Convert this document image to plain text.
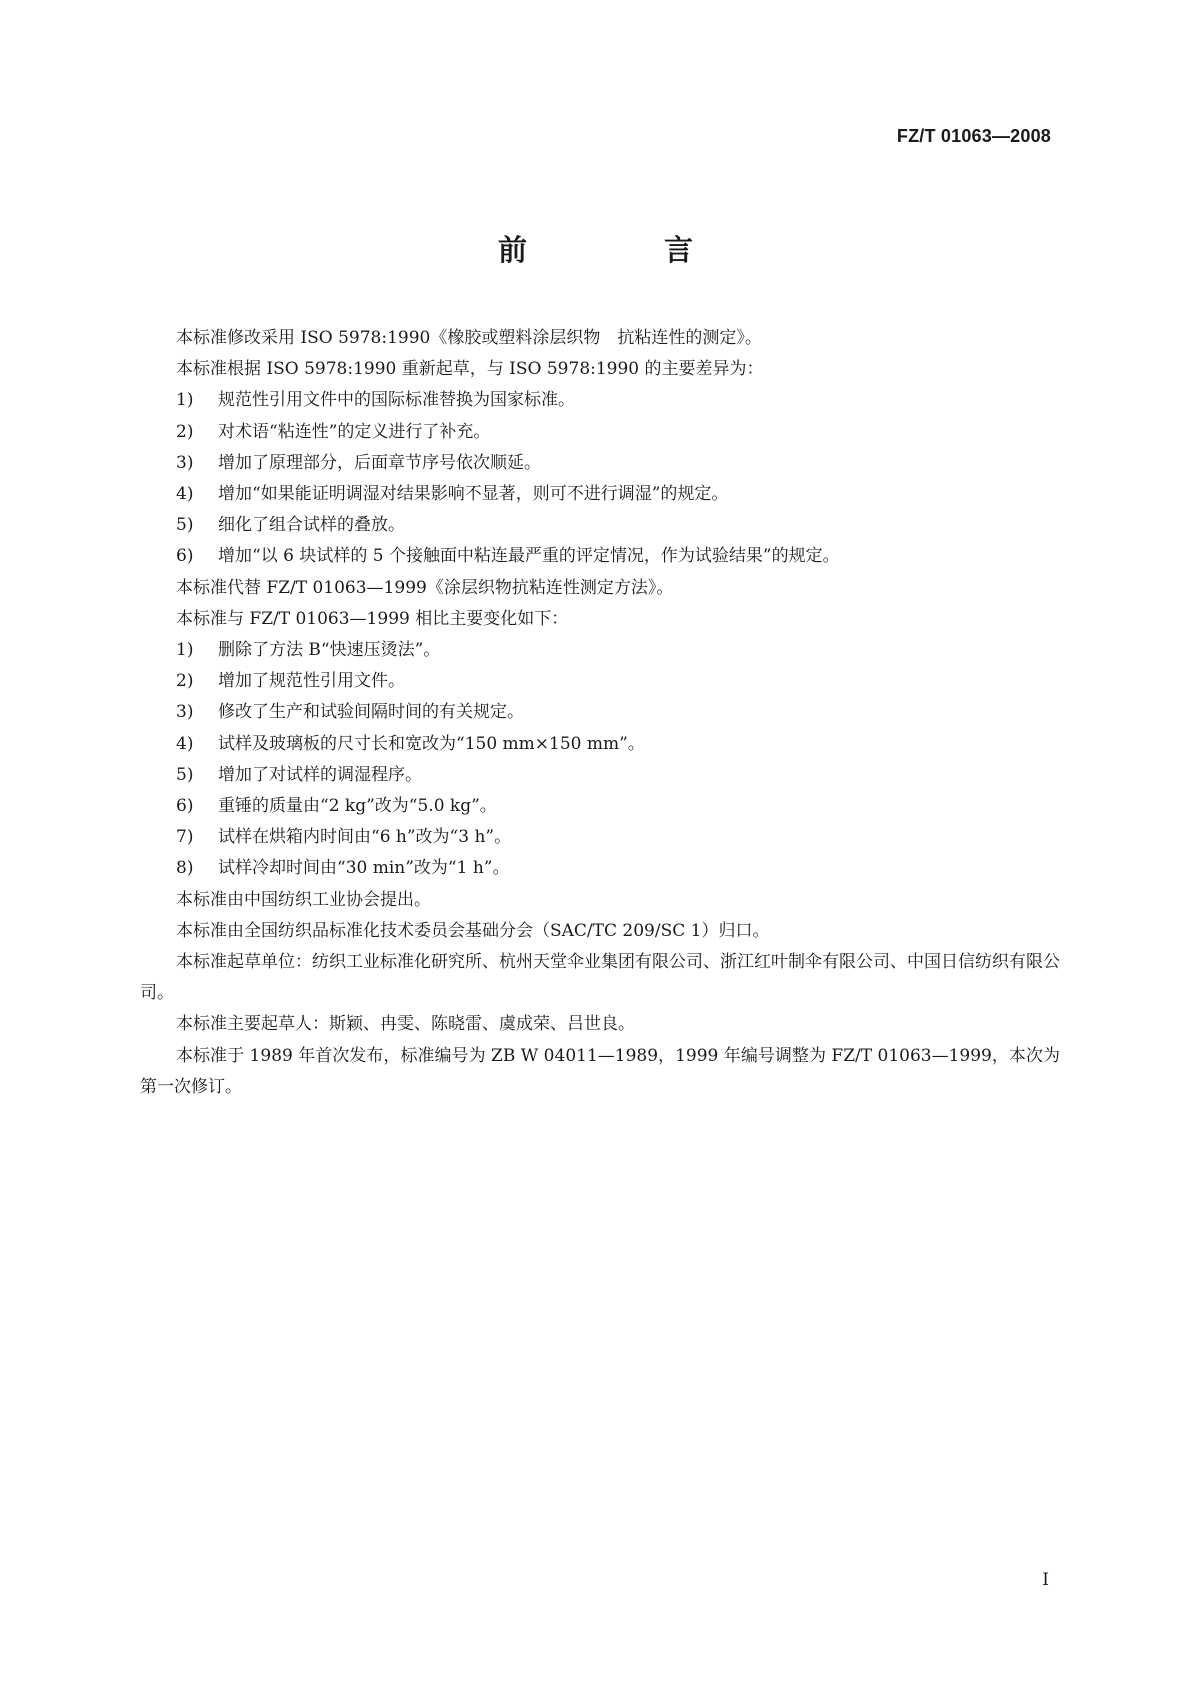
FZ/T 01063—2008
前　言

本标准修改采用 ISO 5978:1990《橡胶或塑料涂层织物　抗粘连性的测定》。

本标准根据 ISO 5978:1990 重新起草，与 ISO 5978:1990 的主要差异为：

1) 规范性引用文件中的国际标准替换为国家标准。

2) 对术语“粘连性”的定义进行了补充。

3) 增加了原理部分，后面章节序号依次顺延。

4) 增加“如果能证明调湿对结果影响不显著，则可不进行调湿”的规定。

5) 细化了组合试样的叠放。

6) 增加“以 6 块试样的 5 个接触面中粘连最严重的评定情况，作为试验结果”的规定。

本标准代替 FZ/T 01063—1999《涂层织物抗粘连性测定方法》。

本标准与 FZ/T 01063—1999 相比主要变化如下：

1) 删除了方法 B“快速压烫法”。

2) 增加了规范性引用文件。

3) 修改了生产和试验间隔时间的有关规定。

4) 试样及玻璃板的尺寸长和宽改为“150 mm×150 mm”。

5) 增加了对试样的调湿程序。

6) 重锤的质量由“2 kg”改为“5.0 kg”。

7) 试样在烘箱内时间由“6 h”改为“3 h”。

8) 试样冷却时间由“30 min”改为“1 h”。

本标准由中国纺织工业协会提出。

本标准由全国纺织品标准化技术委员会基础分会（SAC/TC 209/SC 1）归口。

本标准起草单位：纺织工业标准化研究所、杭州天堂伞业集团有限公司、浙江红叶制伞有限公司、中国日信纺织有限公司。

本标准主要起草人：斯颖、冉雯、陈晓雷、虞成荣、吕世良。

本标准于 1989 年首次发布，标准编号为 ZB W 04011—1989，1999 年编号调整为 FZ/T 01063—1999，本次为第一次修订。

I
